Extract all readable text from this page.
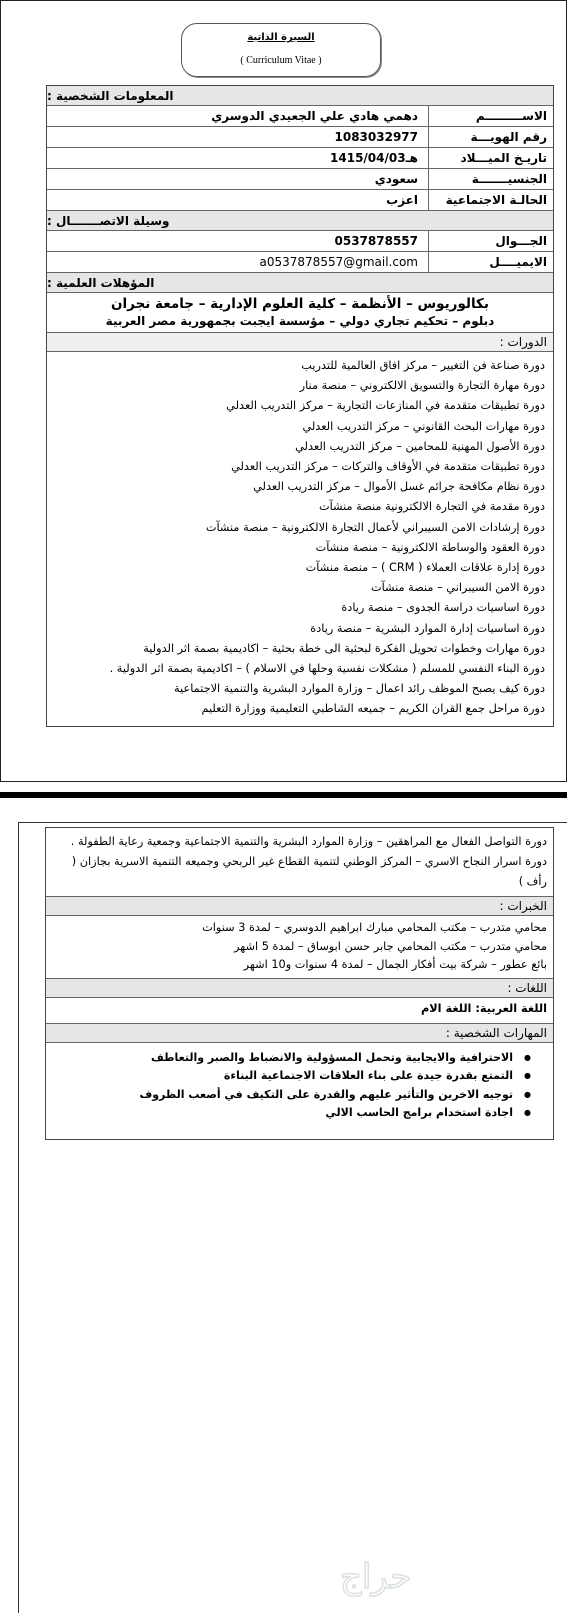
السيرة الذاتية
( Curriculum Vitae )
المعلومات الشخصية :
الاســـــــــم
دهمي هادي علي الجعيدي الدوسري
رقم الهويـــة
1083032977
تاريـخ الميـــلاد
1415/04/03هـ
الجنسيـــــــة
سعودي
الحالـة الاجتماعية
اعزب
وسيلة الاتصـــــــال :
الجـــوال
0537878557
الايميــــل
a0537878557@gmail.com
المؤهلات العلمية :
بكالوريوس – الأنظمة – كلية العلوم الإدارية – جامعة نجران
دبلوم – تحكيم تجاري دولي – مؤسسة ايجبت بجمهورية مصر العربية
الدورات :
دورة صناعة فن التغيير – مركز افاق العالمية للتدريب
دورة مهارة التجارة والتسويق الالكتروني – منصة منار
دورة تطبيقات متقدمة في المنازعات التجارية – مركز التدريب العدلي
دورة مهارات البحث القانوني – مركز التدريب العدلي
دورة الأصول المهنية للمحامين – مركز التدريب العدلي
دورة تطبيقات متقدمة في الأوقاف والتركات – مركز التدريب العدلي
دورة نظام مكافحة جرائم غسل الأموال – مركز التدريب العدلي
دورة مقدمة في التجارة الالكترونية منصة منشآت
دورة إرشادات الامن السيبراني لأعمال التجارة الالكترونية – منصة منشآت
دورة العقود والوساطة الالكترونية – منصة منشآت
دورة إدارة علاقات العملاء ( CRM ) – منصة منشآت
دورة الامن السيبراني – منصة منشآت
دورة اساسيات دراسة الجدوى – منصة ريادة
دورة اساسيات إدارة الموارد البشرية – منصة ريادة
دورة مهارات وخطوات تحويل الفكرة لبحثية الى خطة بحثية – اكاديمية بصمة اثر الدولية
دورة البناء النفسي للمسلم ( مشكلات نفسية وحلها في الاسلام ) – اكاديمية بصمة اثر الدولية .
دورة كيف يصبح الموظف رائد اعمال – وزارة الموارد البشرية والتنمية الاجتماعية
دورة مراحل جمع القران الكريم – جميعه الشاطبي التعليمية ووزارة التعليم
دورة التواصل الفعال مع المراهقين – وزارة الموارد البشرية والتنمية الاجتماعية وجمعية رعاية الطفولة .
دورة اسرار النجاح الاسري – المركز الوطني لتنمية القطاع غير الربحي وجميعه التنمية الاسرية بجازان ( رأف )
الخبرات :
محامي متدرب – مكتب المحامي مبارك ابراهيم الدوسري – لمدة 3 سنوات
محامي متدرب – مكتب المحامي جابر حسن ابوساق – لمدة 5 اشهر
بائع عطور – شركة بيت أفكار الجمال – لمدة 4 سنوات و10 اشهر
اللغات :
اللغة العربية: اللغة الام
المهارات الشخصية :
● الاحترافية والايجابية وتحمل المسؤولية والانضباط والصبر والتعاطف
● التمتع بقدرة جيدة على بناء العلاقات الاجتماعية البناءة
● توجيه الاخرين والتأثير عليهم والقدرة على التكيف في أصعب الظروف
● اجادة استخدام برامج الحاسب الالي
حراج
